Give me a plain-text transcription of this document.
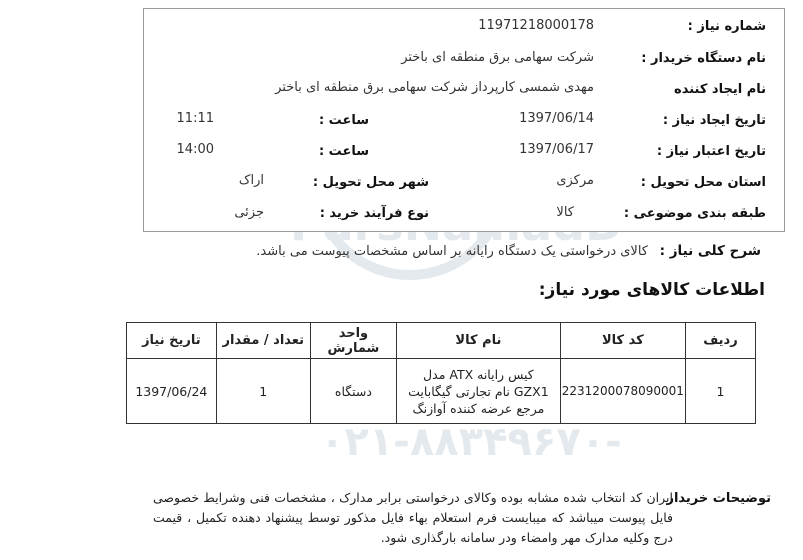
۰۲۱-۸۸۳۴۹۶۷۰-۵
شماره نیاز :
11971218000178
نام دستگاه خریدار :
شرکت سهامی برق منطقه ای باختر
نام ایجاد کننده
مهدی شمسی کارپرداز شرکت سهامی برق منطقه ای باختر
تاریخ ایجاد نیاز :
1397/06/14
ساعت :
11:11
تاریخ اعتبار نیاز :
1397/06/17
ساعت :
14:00
استان محل تحویل :
مرکزی
شهر محل تحویل :
اراک
طبقه بندی موضوعی :
کالا
نوع فرآیند خرید :
جزئی
شرح کلی نیاز :
کالای درخواستی یک دستگاه رایانه بر اساس مشخصات پیوست می باشد.
اطلاعات کالاهای مورد نیاز:
ردیف	کد کالا	نام کالا	واحد شمارش	تعداد / مقدار	تاریخ نیاز
1	2231200078090001	کیس رایانه ATX مدل GZX1 نام تجارتی گیگابایت مرجع عرضه کننده آوازنگ	دستگاه	1	1397/06/24
توضیحات خریدار
ایران کد انتخاب شده مشابه بوده وکالای درخواستی برابر مدارک ، مشخصات فنی وشرایط خصوصی فایل پیوست میباشد که میبایست فرم استعلام بهاء فایل مذکور توسط پیشنهاد دهنده تکمیل ، قیمت درج وکلیه مدارک مهر وامضاء ودر سامانه بارگذاری شود.
